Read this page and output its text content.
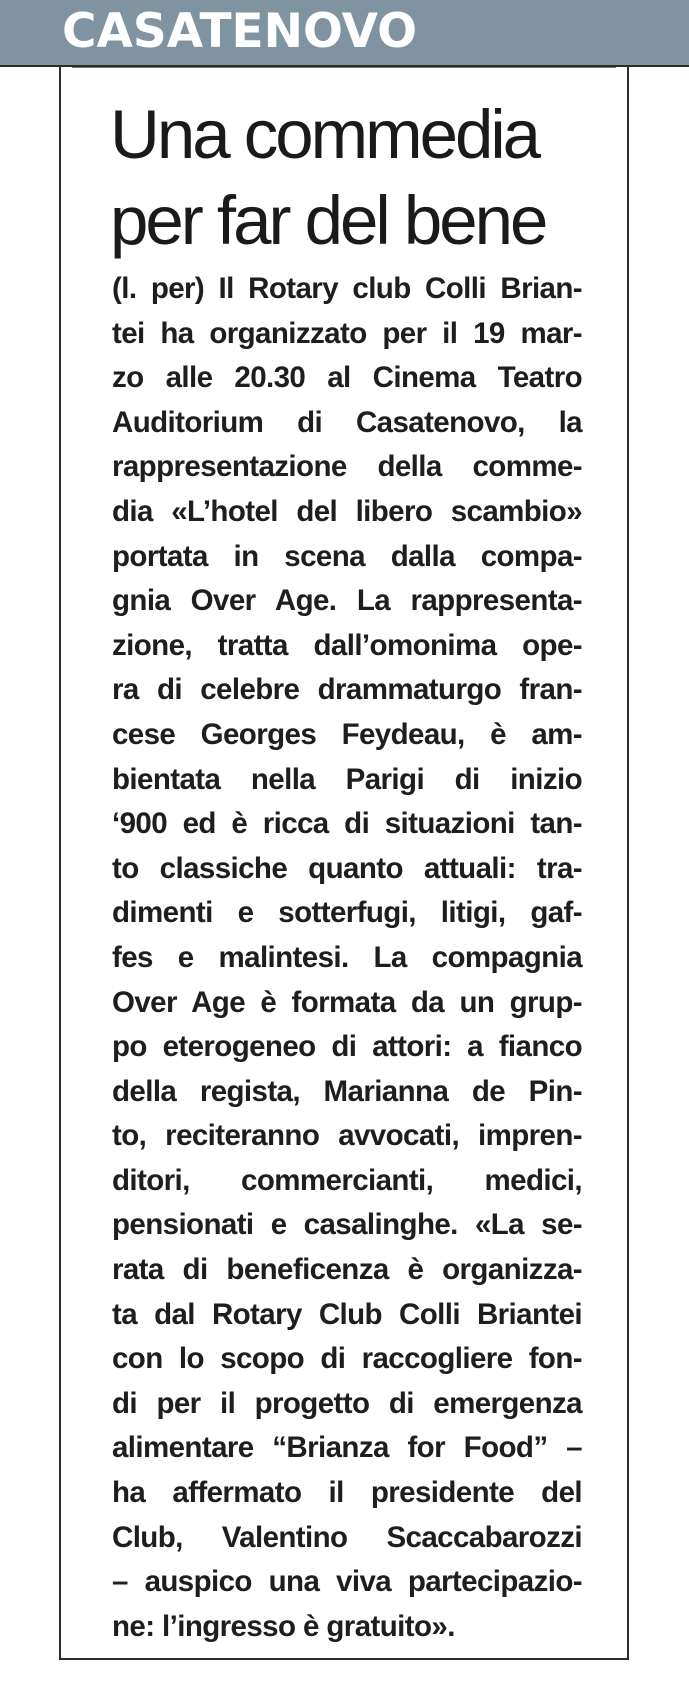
CASATENOVO
Una commedia
per far del bene
(l. per) Il Rotary club Colli Brian-
tei ha organizzato per il 19 mar-
zo alle 20.30 al Cinema Teatro
Auditorium di Casatenovo, la
rappresentazione della comme-
dia «L’hotel del libero scambio»
portata in scena dalla compa-
gnia Over Age. La rappresenta-
zione, tratta dall’omonima ope-
ra di celebre drammaturgo fran-
cese Georges Feydeau, è am-
bientata nella Parigi di inizio
‘900 ed è ricca di situazioni tan-
to classiche quanto attuali: tra-
dimenti e sotterfugi, litigi, gaf-
fes e malintesi. La compagnia
Over Age è formata da un grup-
po eterogeneo di attori: a fianco
della regista, Marianna de Pin-
to, reciteranno avvocati, impren-
ditori, commercianti, medici,
pensionati e casalinghe. «La se-
rata di beneficenza è organizza-
ta dal Rotary Club Colli Briantei
con lo scopo di raccogliere fon-
di per il progetto di emergenza
alimentare “Brianza for Food” –
ha affermato il presidente del
Club, Valentino Scaccabarozzi
– auspico una viva partecipazio-
ne: l’ingresso è gratuito».
